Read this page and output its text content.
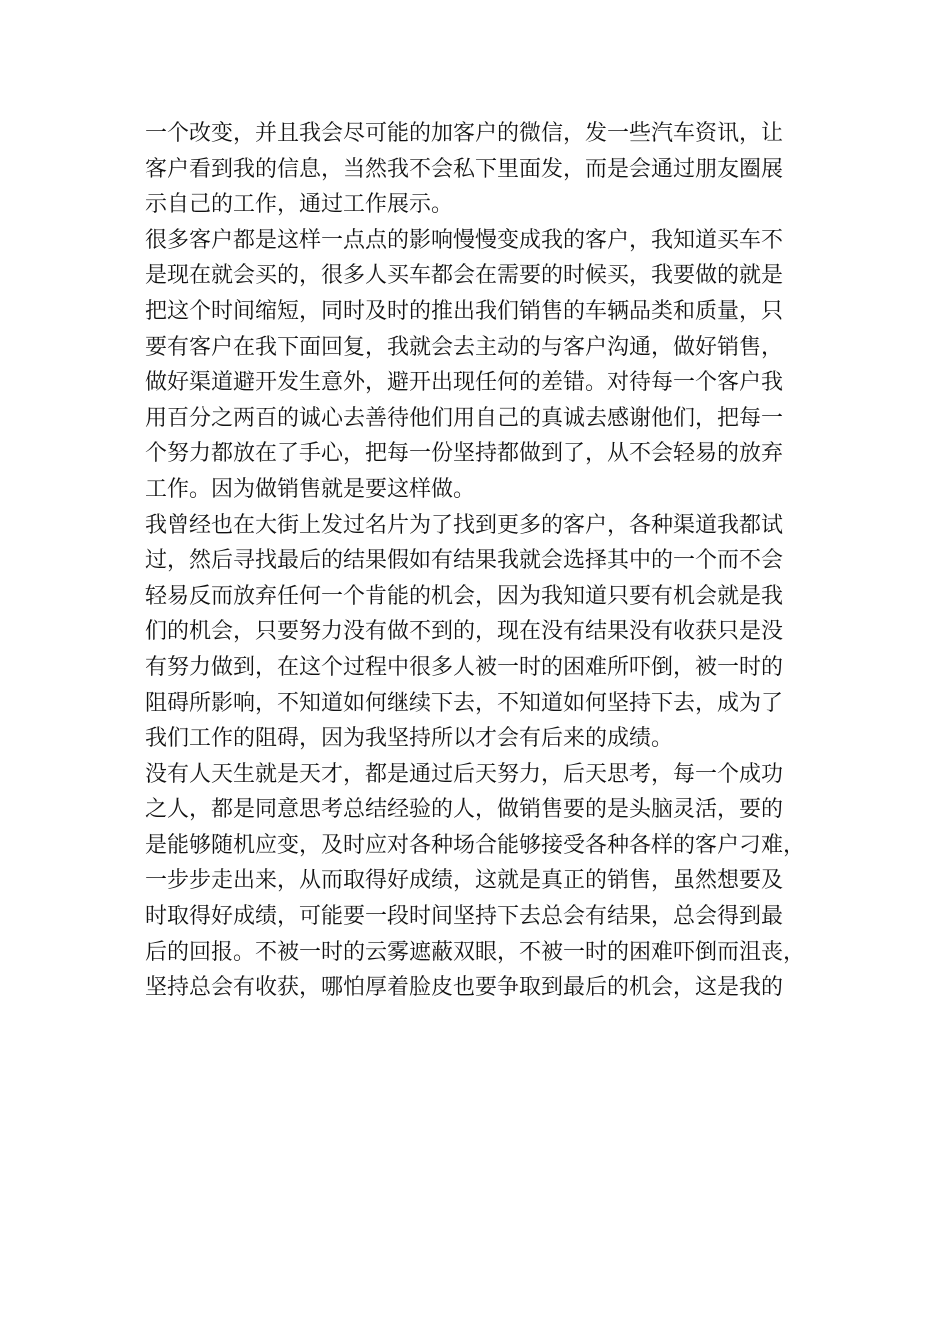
一个改变，并且我会尽可能的加客户的微信，发一些汽车资讯，让
客户看到我的信息，当然我不会私下里面发，而是会通过朋友圈展
示自己的工作，通过工作展示。
很多客户都是这样一点点的影响慢慢变成我的客户，我知道买车不
是现在就会买的，很多人买车都会在需要的时候买，我要做的就是
把这个时间缩短，同时及时的推出我们销售的车辆品类和质量，只
要有客户在我下面回复，我就会去主动的与客户沟通，做好销售，
做好渠道避开发生意外，避开出现任何的差错。对待每一个客户我
用百分之两百的诚心去善待他们用自己的真诚去感谢他们，把每一
个努力都放在了手心，把每一份坚持都做到了，从不会轻易的放弃
工作。因为做销售就是要这样做。
我曾经也在大街上发过名片为了找到更多的客户，各种渠道我都试
过，然后寻找最后的结果假如有结果我就会选择其中的一个而不会
轻易反而放弃任何一个肯能的机会，因为我知道只要有机会就是我
们的机会，只要努力没有做不到的，现在没有结果没有收获只是没
有努力做到，在这个过程中很多人被一时的困难所吓倒，被一时的
阻碍所影响，不知道如何继续下去，不知道如何坚持下去，成为了
我们工作的阻碍，因为我坚持所以才会有后来的成绩。
没有人天生就是天才，都是通过后天努力，后天思考，每一个成功
之人，都是同意思考总结经验的人，做销售要的是头脑灵活，要的
是能够随机应变，及时应对各种场合能够接受各种各样的客户刁难，
一步步走出来，从而取得好成绩，这就是真正的销售，虽然想要及
时取得好成绩，可能要一段时间坚持下去总会有结果，总会得到最
后的回报。不被一时的云雾遮蔽双眼，不被一时的困难吓倒而沮丧，
坚持总会有收获，哪怕厚着脸皮也要争取到最后的机会，这是我的
